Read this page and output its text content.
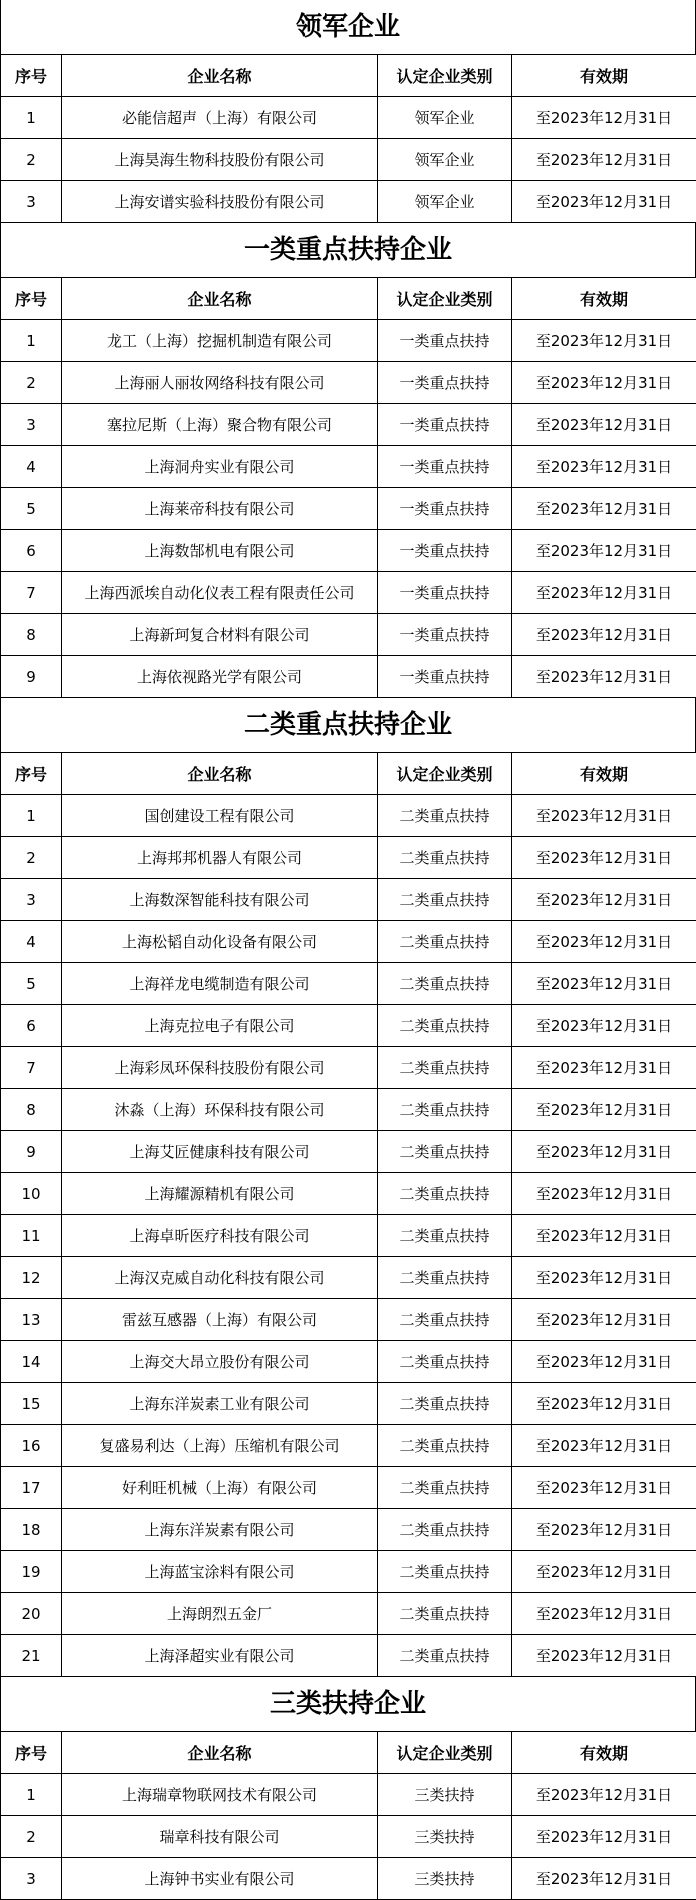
领军企业
序号	企业名称	认定企业类别	有效期
1	必能信超声（上海）有限公司	领军企业	至2023年12月31日
2	上海昊海生物科技股份有限公司	领军企业	至2023年12月31日
3	上海安谱实验科技股份有限公司	领军企业	至2023年12月31日
一类重点扶持企业
序号	企业名称	认定企业类别	有效期
1	龙工（上海）挖掘机制造有限公司	一类重点扶持	至2023年12月31日
2	上海丽人丽妆网络科技有限公司	一类重点扶持	至2023年12月31日
3	塞拉尼斯（上海）聚合物有限公司	一类重点扶持	至2023年12月31日
4	上海洞舟实业有限公司	一类重点扶持	至2023年12月31日
5	上海莱帝科技有限公司	一类重点扶持	至2023年12月31日
6	上海数郜机电有限公司	一类重点扶持	至2023年12月31日
7	上海西派埃自动化仪表工程有限责任公司	一类重点扶持	至2023年12月31日
8	上海新珂复合材料有限公司	一类重点扶持	至2023年12月31日
9	上海依视路光学有限公司	一类重点扶持	至2023年12月31日
二类重点扶持企业
序号	企业名称	认定企业类别	有效期
1	国创建设工程有限公司	二类重点扶持	至2023年12月31日
2	上海邦邦机器人有限公司	二类重点扶持	至2023年12月31日
3	上海数深智能科技有限公司	二类重点扶持	至2023年12月31日
4	上海松韬自动化设备有限公司	二类重点扶持	至2023年12月31日
5	上海祥龙电缆制造有限公司	二类重点扶持	至2023年12月31日
6	上海克拉电子有限公司	二类重点扶持	至2023年12月31日
7	上海彩凤环保科技股份有限公司	二类重点扶持	至2023年12月31日
8	沐淼（上海）环保科技有限公司	二类重点扶持	至2023年12月31日
9	上海艾匠健康科技有限公司	二类重点扶持	至2023年12月31日
10	上海耀源精机有限公司	二类重点扶持	至2023年12月31日
11	上海卓昕医疗科技有限公司	二类重点扶持	至2023年12月31日
12	上海汉克威自动化科技有限公司	二类重点扶持	至2023年12月31日
13	雷兹互感器（上海）有限公司	二类重点扶持	至2023年12月31日
14	上海交大昂立股份有限公司	二类重点扶持	至2023年12月31日
15	上海东洋炭素工业有限公司	二类重点扶持	至2023年12月31日
16	复盛易利达（上海）压缩机有限公司	二类重点扶持	至2023年12月31日
17	好利旺机械（上海）有限公司	二类重点扶持	至2023年12月31日
18	上海东洋炭素有限公司	二类重点扶持	至2023年12月31日
19	上海蓝宝涂料有限公司	二类重点扶持	至2023年12月31日
20	上海朗烈五金厂	二类重点扶持	至2023年12月31日
21	上海泽超实业有限公司	二类重点扶持	至2023年12月31日
三类扶持企业
序号	企业名称	认定企业类别	有效期
1	上海瑞章物联网技术有限公司	三类扶持	至2023年12月31日
2	瑞章科技有限公司	三类扶持	至2023年12月31日
3	上海钟书实业有限公司	三类扶持	至2023年12月31日
